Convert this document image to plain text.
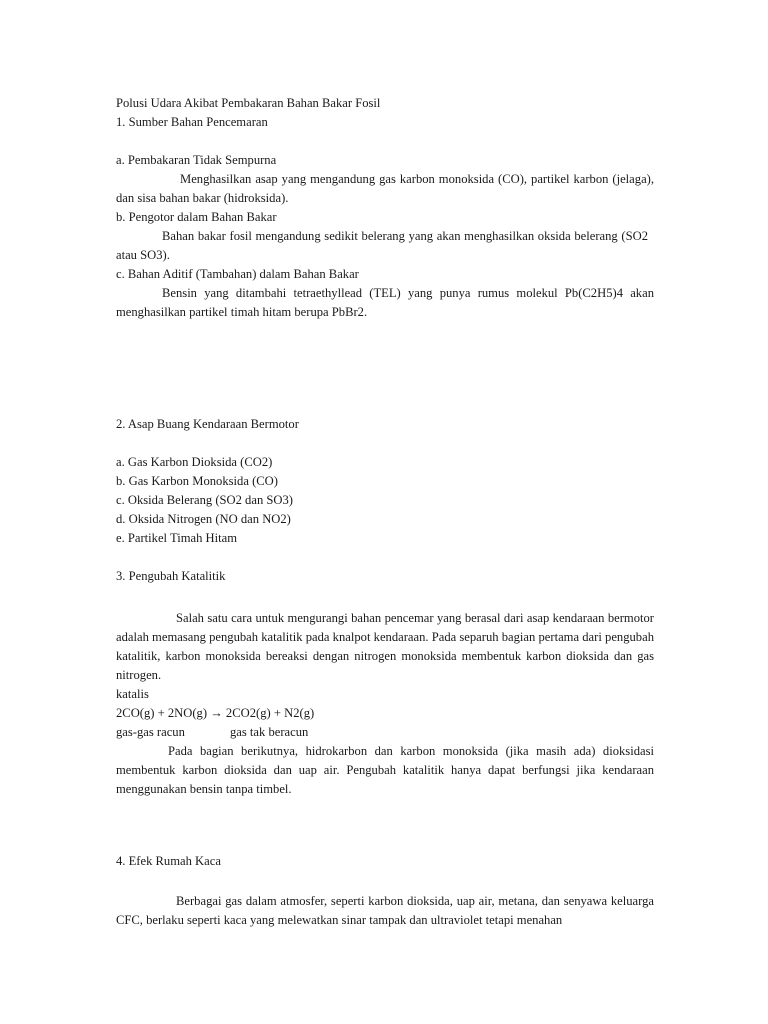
Polusi Udara Akibat Pembakaran Bahan Bakar Fosil
1. Sumber Bahan Pencemaran
a. Pembakaran Tidak Sempurna
Menghasilkan asap yang mengandung gas karbon monoksida (CO), partikel karbon (jelaga), dan sisa bahan bakar (hidroksida).
b. Pengotor dalam Bahan Bakar
Bahan bakar fosil mengandung sedikit belerang yang akan menghasilkan oksida belerang (SO2 atau SO3).
c. Bahan Aditif (Tambahan) dalam Bahan Bakar
Bensin yang ditambahi tetraethyllead (TEL) yang punya rumus molekul Pb(C2H5)4 akan menghasilkan partikel timah hitam berupa PbBr2.
2. Asap Buang Kendaraan Bermotor
a. Gas Karbon Dioksida (CO2)
b. Gas Karbon Monoksida (CO)
c. Oksida Belerang (SO2 dan SO3)
d. Oksida Nitrogen (NO dan NO2)
e. Partikel Timah Hitam
3. Pengubah Katalitik
Salah satu cara untuk mengurangi bahan pencemar yang berasal dari asap kendaraan bermotor adalah memasang pengubah katalitik pada knalpot kendaraan. Pada separuh bagian pertama dari pengubah katalitik, karbon monoksida bereaksi dengan nitrogen monoksida membentuk karbon dioksida dan gas nitrogen.
katalis
2CO(g) + 2NO(g) → 2CO2(g) + N2(g)
gas-gas racun	gas tak beracun
Pada bagian berikutnya, hidrokarbon dan karbon monoksida (jika masih ada) dioksidasi membentuk karbon dioksida dan uap air. Pengubah katalitik hanya dapat berfungsi jika kendaraan menggunakan bensin tanpa timbel.
4. Efek Rumah Kaca
Berbagai gas dalam atmosfer, seperti karbon dioksida, uap air, metana, dan senyawa keluarga CFC, berlaku seperti kaca yang melewatkan sinar tampak dan ultraviolet tetapi menahan
